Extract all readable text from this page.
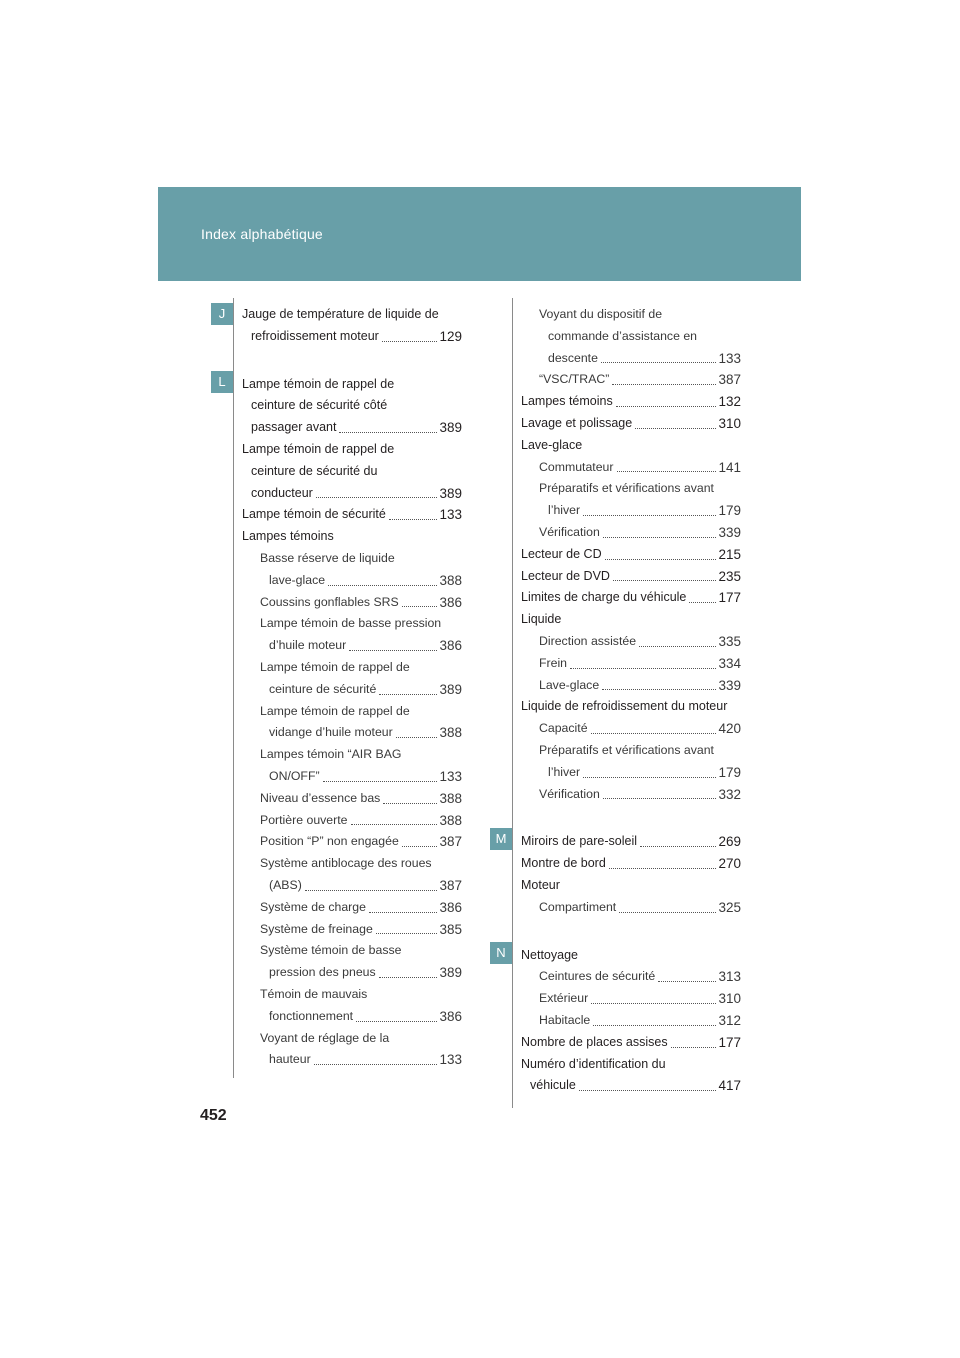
Index alphabétique
J
L
M
N
Jauge de température de liquide de
refroidissement moteur	129
Lampe témoin de rappel de
ceinture de sécurité côté
passager avant	389
Lampe témoin de rappel de
ceinture de sécurité du
conducteur	389
Lampe témoin de sécurité	133
Lampes témoins
Basse réserve de liquide
lave-glace	388
Coussins gonflables SRS	386
Lampe témoin de basse pression
d’huile moteur	386
Lampe témoin de rappel de
ceinture de sécurité	389
Lampe témoin de rappel de
vidange d’huile moteur	388
Lampes témoin “AIR BAG
ON/OFF”	133
Niveau d’essence bas	388
Portière ouverte	388
Position “P” non engagée	387
Système antiblocage des roues
(ABS)	387
Système de charge	386
Système de freinage	385
Système témoin de basse
pression des pneus	389
Témoin de mauvais
fonctionnement	386
Voyant de réglage de la
hauteur	133
Voyant du dispositif de
commande d’assistance en
descente	133
“VSC/TRAC”	387
Lampes témoins	132
Lavage et polissage	310
Lave-glace
Commutateur	141
Préparatifs et vérifications avant
l’hiver	179
Vérification	339
Lecteur de CD	215
Lecteur de DVD	235
Limites de charge du véhicule 177
Liquide
Direction assistée	335
Frein	334
Lave-glace	339
Liquide de refroidissement du moteur
Capacité	420
Préparatifs et vérifications avant
l’hiver	179
Vérification	332
Miroirs de pare-soleil	269
Montre de bord	270
Moteur
Compartiment	325
Nettoyage
Ceintures de sécurité	313
Extérieur	310
Habitacle	312
Nombre de places assises	177
Numéro d’identification du
véhicule	417
452
